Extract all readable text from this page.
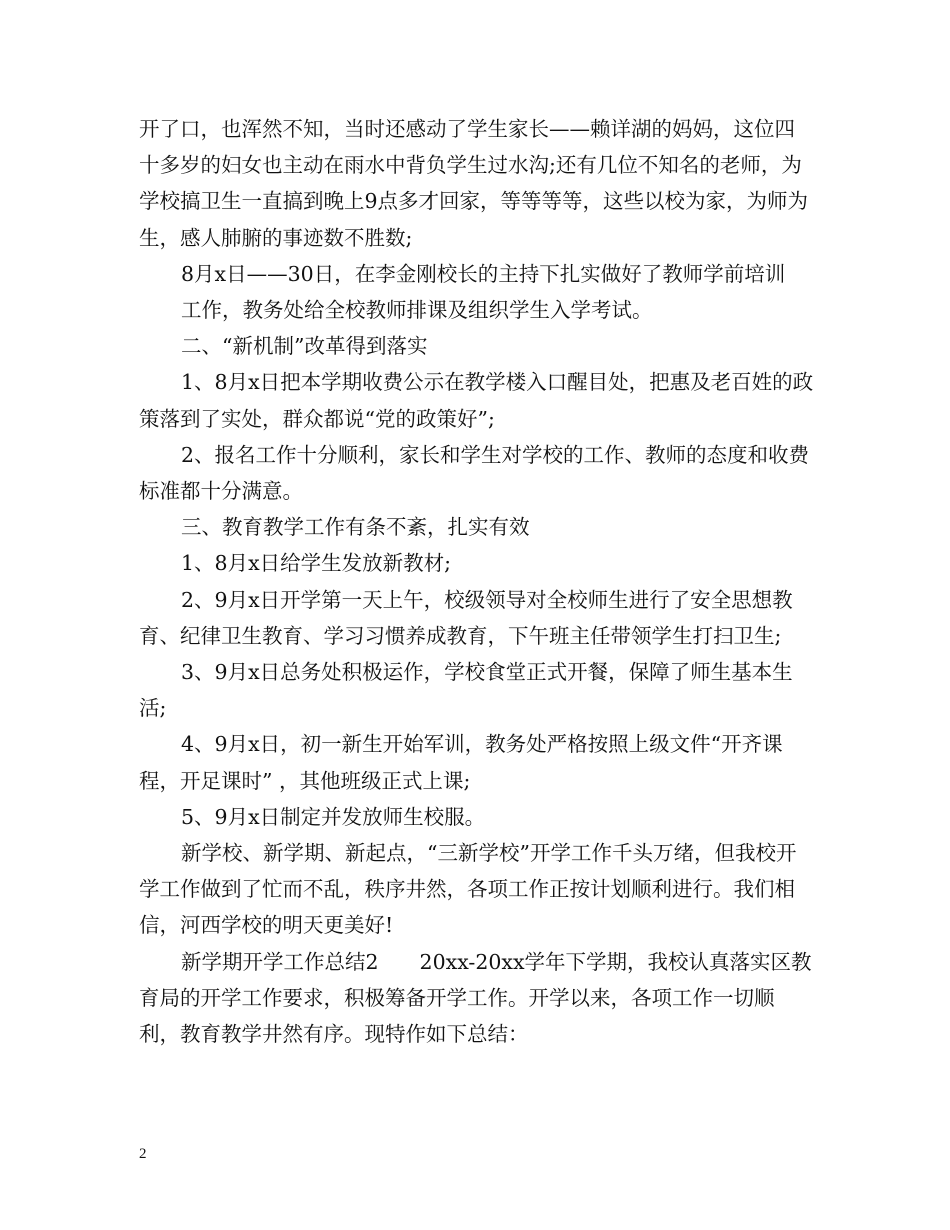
开了口，也浑然不知，当时还感动了学生家长——赖详湖的妈妈，这位四十多岁的妇女也主动在雨水中背负学生过水沟;还有几位不知名的老师，为学校搞卫生一直搞到晚上9点多才回家，等等等等，这些以校为家，为师为生，感人肺腑的事迹数不胜数;

8月x日——30日，在李金刚校长的主持下扎实做好了教师学前培训

工作，教务处给全校教师排课及组织学生入学考试。

二、“新机制”改革得到落实

1、8月x日把本学期收费公示在教学楼入口醒目处，把惠及老百姓的政策落到了实处，群众都说“党的政策好”;

2、报名工作十分顺利，家长和学生对学校的工作、教师的态度和收费标准都十分满意。

三、教育教学工作有条不紊，扎实有效

1、8月x日给学生发放新教材;

2、9月x日开学第一天上午，校级领导对全校师生进行了安全思想教育、纪律卫生教育、学习习惯养成教育，下午班主任带领学生打扫卫生;

3、9月x日总务处积极运作，学校食堂正式开餐，保障了师生基本生活;

4、9月x日，初一新生开始军训，教务处严格按照上级文件“开齐课程，开足课时” ，其他班级正式上课;

5、9月x日制定并发放师生校服。

新学校、新学期、新起点，“三新学校”开学工作千头万绪，但我校开学工作做到了忙而不乱，秩序井然，各项工作正按计划顺利进行。我们相信，河西学校的明天更美好!

新学期开学工作总结2　　20xx-20xx学年下学期，我校认真落实区教育局的开学工作要求，积极筹备开学工作。开学以来，各项工作一切顺利，教育教学井然有序。现特作如下总结：

2
